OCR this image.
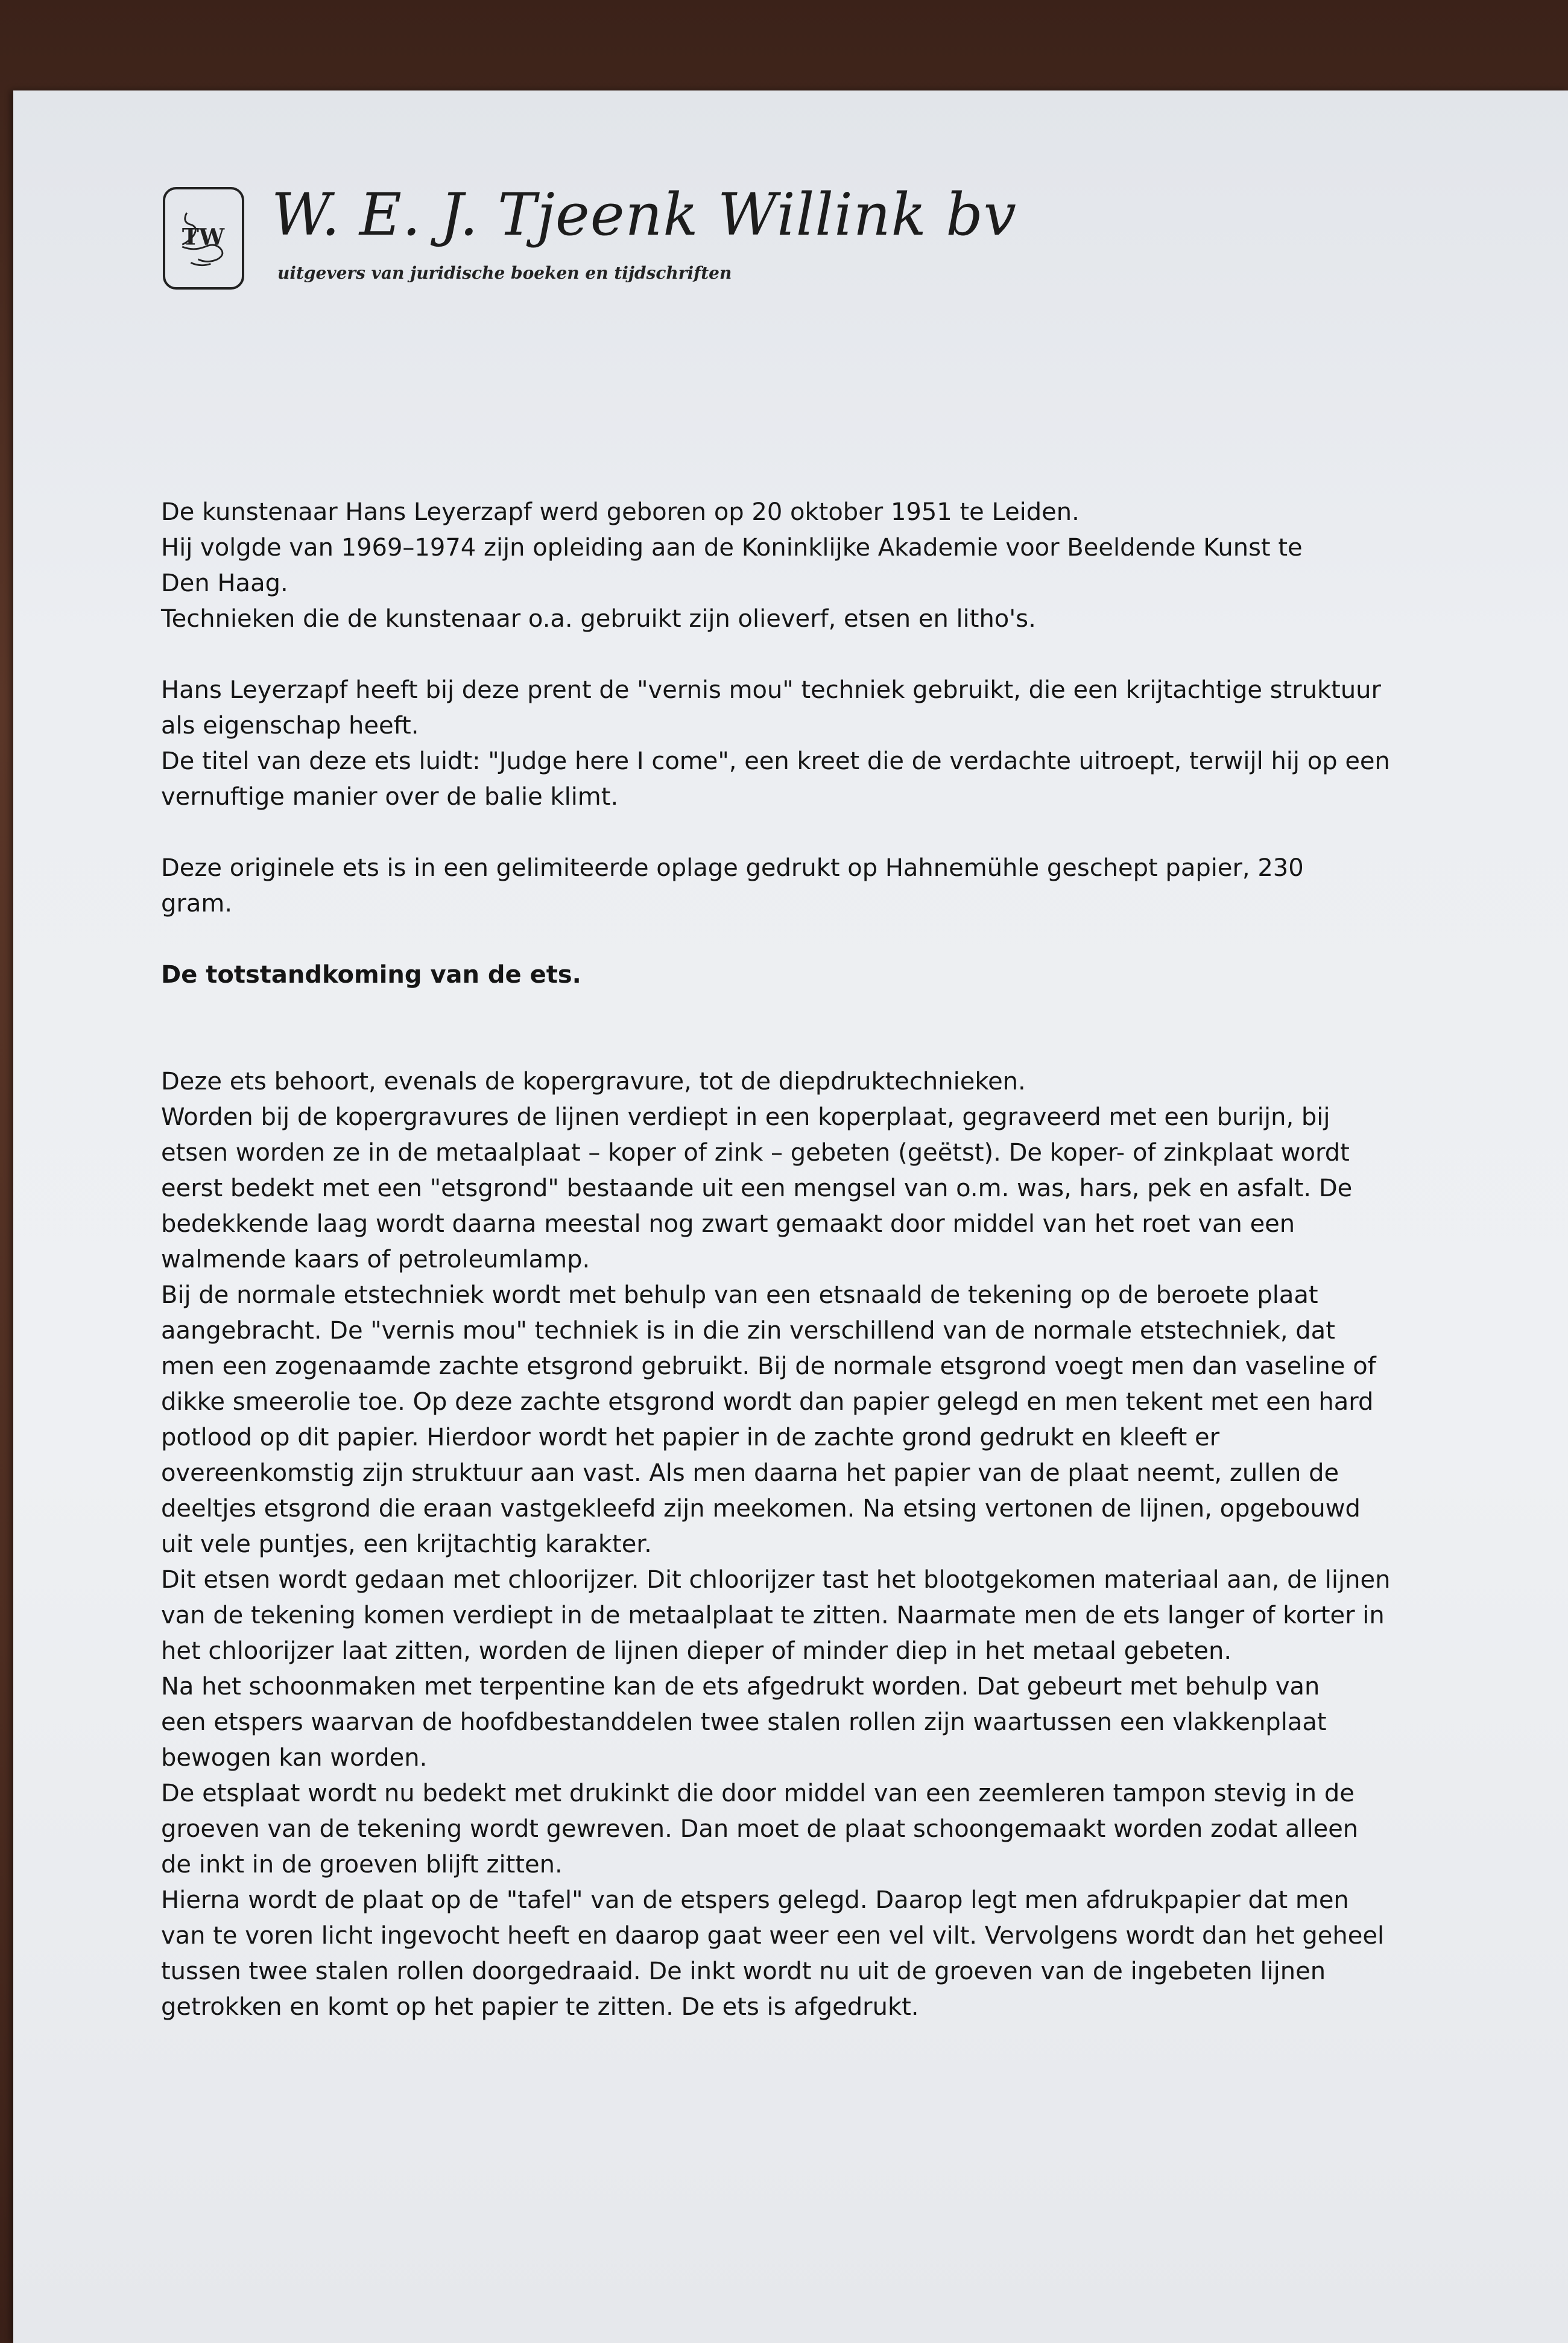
TW W. E. J. Tjeenk Willink bv
uitgevers van juridische boeken en tijdschriften

De kunstenaar Hans Leyerzapf werd geboren op 20 oktober 1951 te Leiden.

Hij volgde van 1969–1974 zijn opleiding aan de Koninklijke Akademie voor Beeldende Kunst te

Den Haag.

Technieken die de kunstenaar o.a. gebruikt zijn olieverf, etsen en litho's.

Hans Leyerzapf heeft bij deze prent de "vernis mou" techniek gebruikt, die een krijtachtige struktuur

als eigenschap heeft.

De titel van deze ets luidt: "Judge here I come", een kreet die de verdachte uitroept, terwijl hij op een

vernuftige manier over de balie klimt.

Deze originele ets is in een gelimiteerde oplage gedrukt op Hahnemühle geschept papier, 230

gram.

De totstandkoming van de ets.

Deze ets behoort, evenals de kopergravure, tot de diepdruktechnieken.

Worden bij de kopergravures de lijnen verdiept in een koperplaat, gegraveerd met een burijn, bij

etsen worden ze in de metaalplaat – koper of zink – gebeten (geëtst). De koper- of zinkplaat wordt

eerst bedekt met een "etsgrond" bestaande uit een mengsel van o.m. was, hars, pek en asfalt. De

bedekkende laag wordt daarna meestal nog zwart gemaakt door middel van het roet van een

walmende kaars of petroleumlamp.

Bij de normale etstechniek wordt met behulp van een etsnaald de tekening op de beroete plaat

aangebracht. De "vernis mou" techniek is in die zin verschillend van de normale etstechniek, dat

men een zogenaamde zachte etsgrond gebruikt. Bij de normale etsgrond voegt men dan vaseline of

dikke smeerolie toe. Op deze zachte etsgrond wordt dan papier gelegd en men tekent met een hard

potlood op dit papier. Hierdoor wordt het papier in de zachte grond gedrukt en kleeft er

overeenkomstig zijn struktuur aan vast. Als men daarna het papier van de plaat neemt, zullen de

deeltjes etsgrond die eraan vastgekleefd zijn meekomen. Na etsing vertonen de lijnen, opgebouwd

uit vele puntjes, een krijtachtig karakter.

Dit etsen wordt gedaan met chloorijzer. Dit chloorijzer tast het blootgekomen materiaal aan, de lijnen

van de tekening komen verdiept in de metaalplaat te zitten. Naarmate men de ets langer of korter in

het chloorijzer laat zitten, worden de lijnen dieper of minder diep in het metaal gebeten.

Na het schoonmaken met terpentine kan de ets afgedrukt worden. Dat gebeurt met behulp van

een etspers waarvan de hoofdbestanddelen twee stalen rollen zijn waartussen een vlakkenplaat

bewogen kan worden.

De etsplaat wordt nu bedekt met drukinkt die door middel van een zeemleren tampon stevig in de

groeven van de tekening wordt gewreven. Dan moet de plaat schoongemaakt worden zodat alleen

de inkt in de groeven blijft zitten.

Hierna wordt de plaat op de "tafel" van de etspers gelegd. Daarop legt men afdrukpapier dat men

van te voren licht ingevocht heeft en daarop gaat weer een vel vilt. Vervolgens wordt dan het geheel

tussen twee stalen rollen doorgedraaid. De inkt wordt nu uit de groeven van de ingebeten lijnen

getrokken en komt op het papier te zitten. De ets is afgedrukt.
